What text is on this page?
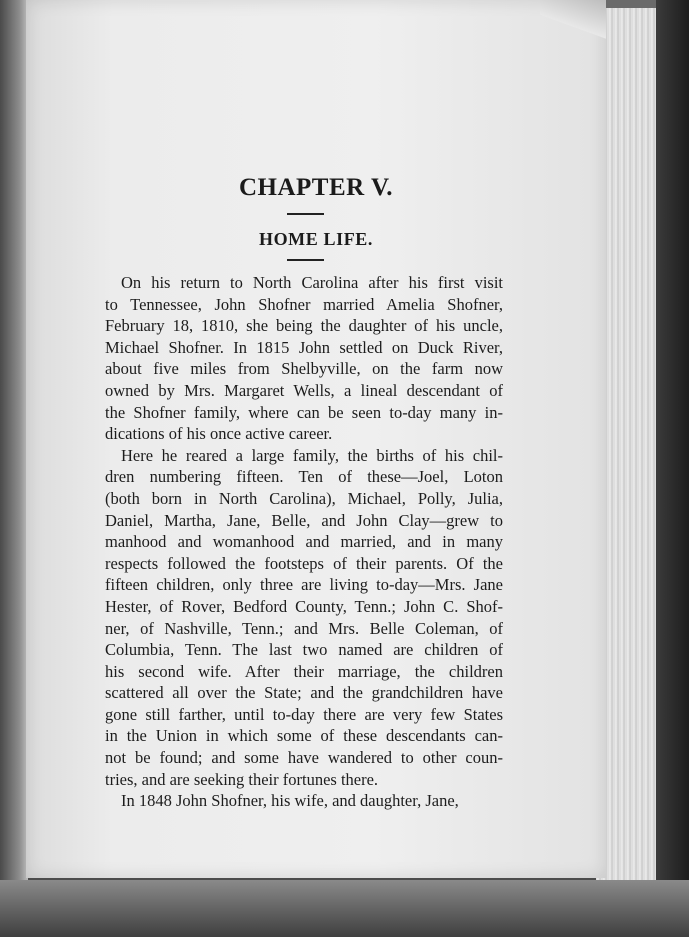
CHAPTER V.
HOME LIFE.
On his return to North Carolina after his first visit
to Tennessee, John Shofner married Amelia Shofner,
February 18, 1810, she being the daughter of his uncle,
Michael Shofner. In 1815 John settled on Duck River,
about five miles from Shelbyville, on the farm now
owned by Mrs. Margaret Wells, a lineal descendant of
the Shofner family, where can be seen to-day many in-
dications of his once active career.
Here he reared a large family, the births of his chil-
dren numbering fifteen. Ten of these—Joel, Loton
(both born in North Carolina), Michael, Polly, Julia,
Daniel, Martha, Jane, Belle, and John Clay—grew to
manhood and womanhood and married, and in many
respects followed the footsteps of their parents. Of the
fifteen children, only three are living to-day—Mrs. Jane
Hester, of Rover, Bedford County, Tenn.; John C. Shof-
ner, of Nashville, Tenn.; and Mrs. Belle Coleman, of
Columbia, Tenn. The last two named are children of
his second wife. After their marriage, the children
scattered all over the State; and the grandchildren have
gone still farther, until to-day there are very few States
in the Union in which some of these descendants can-
not be found; and some have wandered to other coun-
tries, and are seeking their fortunes there.
In 1848 John Shofner, his wife, and daughter, Jane,
